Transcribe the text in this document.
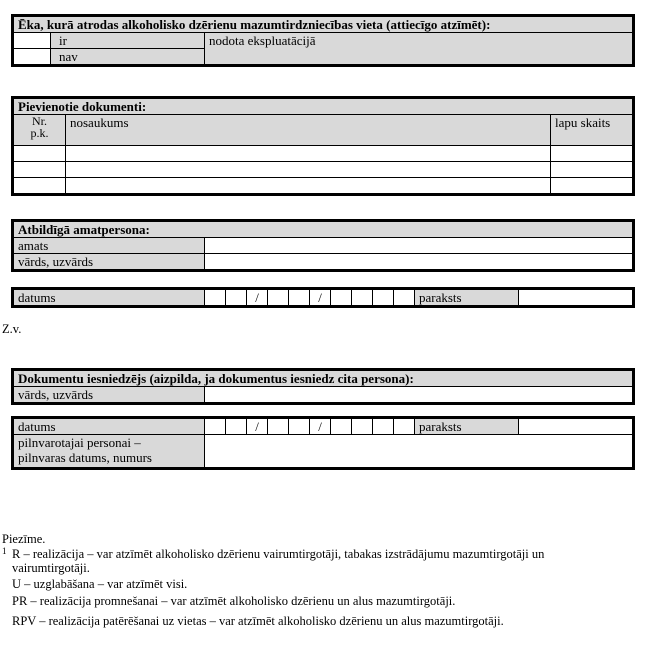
Ēka, kurā atrodas alkoholisko dzērienu mazumtirdzniecības vieta (attiecīgo atzīmēt):		
	ir	nodota ekspluatācijā
	nav	
Pievienotie dokumenti:		

Nr.
p.k.	nosaukums	lapu skaits

Atbildīgā amatpersona:	
amats	
vārds, uzvārds	
datums			/			/					paraksts	
Z.v.
Dokumentu iesniedzējs (aizpilda, ja dokumentus iesniedz cita persona):
vārds, uzvārds	
datums			/			/					paraksts	

pilnvarotajai personai –
pilnvaras datums, numurs												

Piezīme.
1 R – realizācija – var atzīmēt alkoholisko dzērienu vairumtirgotāji, tabakas izstrādājumu mazumtirgotāji un
vairumtirgotāji.
U – uzglabāšana – var atzīmēt visi.
PR – realizācija promnešanai – var atzīmēt alkoholisko dzērienu un alus mazumtirgotāji.
RPV – realizācija patērēšanai uz vietas – var atzīmēt alkoholisko dzērienu un alus mazumtirgotāji.
